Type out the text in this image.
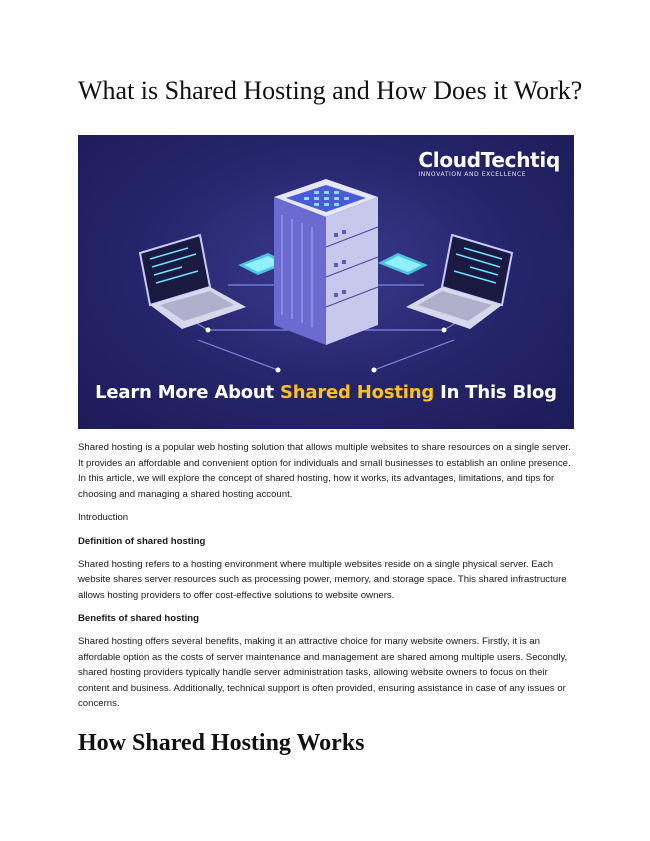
What is Shared Hosting and How Does it Work?
CloudTechtiq
INNOVATION AND EXCELLENCE
Learn More About Shared Hosting In This Blog

Shared hosting is a popular web hosting solution that allows multiple websites to share resources on a single server. It provides an affordable and convenient option for individuals and small businesses to establish an online presence. In this article, we will explore the concept of shared hosting, how it works, its advantages, limitations, and tips for choosing and managing a shared hosting account.

Introduction

Definition of shared hosting

Shared hosting refers to a hosting environment where multiple websites reside on a single physical server. Each website shares server resources such as processing power, memory, and storage space. This shared infrastructure allows hosting providers to offer cost-effective solutions to website owners.

Benefits of shared hosting

Shared hosting offers several benefits, making it an attractive choice for many website owners. Firstly, it is an affordable option as the costs of server maintenance and management are shared among multiple users. Secondly, shared hosting providers typically handle server administration tasks, allowing website owners to focus on their content and business. Additionally, technical support is often provided, ensuring assistance in case of any issues or concerns.

How Shared Hosting Works
